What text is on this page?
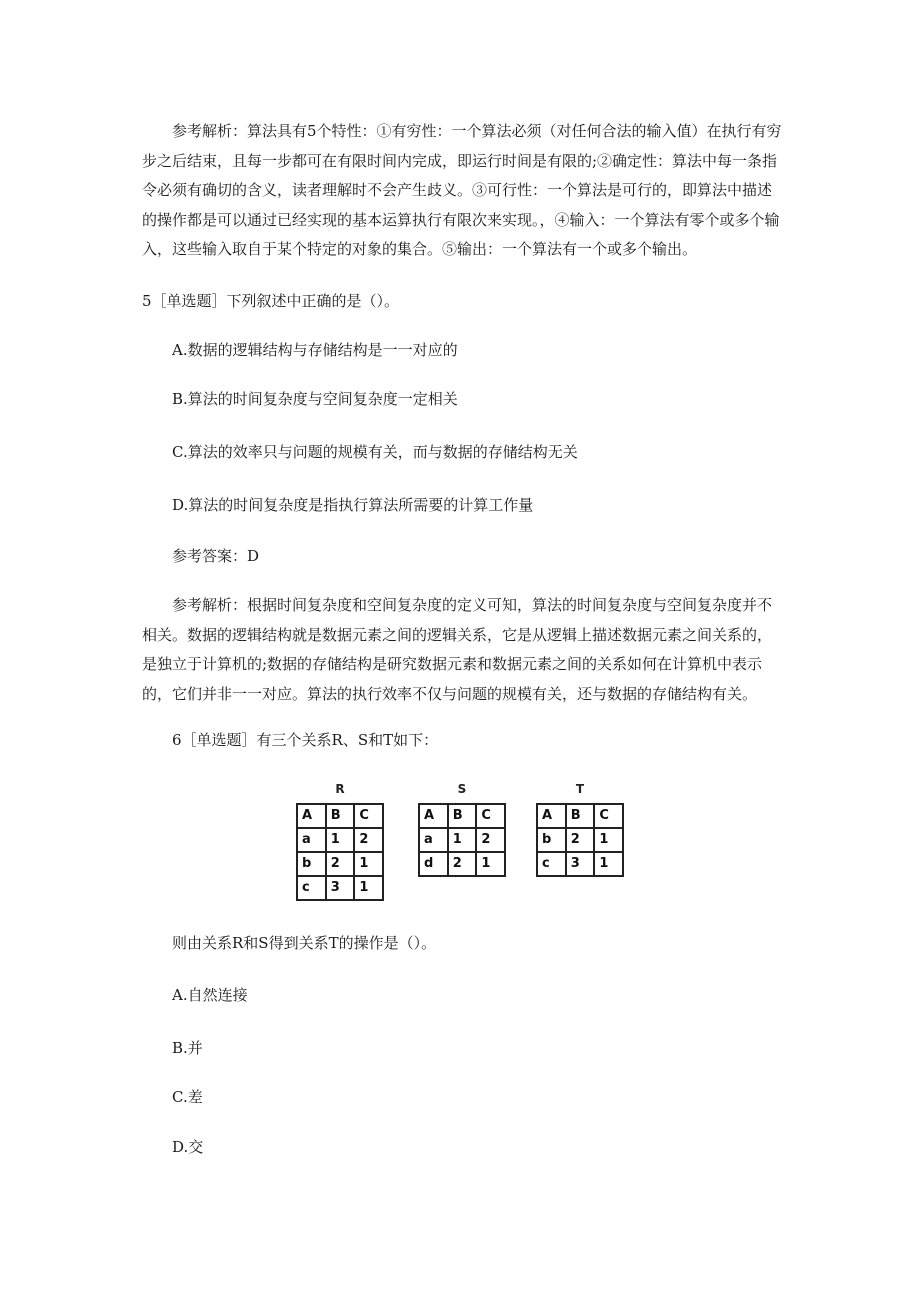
参考解析：算法具有5个特性：①有穷性：一个算法必须（对任何合法的输入值）在执行有穷步之后结束，且每一步都可在有限时间内完成，即运行时间是有限的;②确定性：算法中每一条指令必须有确切的含义，读者理解时不会产生歧义。③可行性：一个算法是可行的，即算法中描述的操作都是可以通过已经实现的基本运算执行有限次来实现。，④输入：一个算法有零个或多个输入，这些输入取自于某个特定的对象的集合。⑤输出：一个算法有一个或多个输出。

5［单选题］下列叙述中正确的是（）。
A.数据的逻辑结构与存储结构是一一对应的
B.算法的时间复杂度与空间复杂度一定相关
C.算法的效率只与问题的规模有关，而与数据的存储结构无关
D.算法的时间复杂度是指执行算法所需要的计算工作量
参考答案：D

参考解析：根据时间复杂度和空间复杂度的定义可知，算法的时间复杂度与空间复杂度并不相关。数据的逻辑结构就是数据元素之间的逻辑关系，它是从逻辑上描述数据元素之间关系的，是独立于计算机的;数据的存储结构是研究数据元素和数据元素之间的关系如何在计算机中表示的，它们并非一一对应。算法的执行效率不仅与问题的规模有关，还与数据的存储结构有关。

6［单选题］有三个关系R、S和T如下：
R
A	B	C
a	1	2
b	2	1
c	3	1
S
A	B	C
a	1	2
d	2	1
T
A	B	C
b	2	1
c	3	1
则由关系R和S得到关系T的操作是（）。
A.自然连接
B.并
C.差
D.交
